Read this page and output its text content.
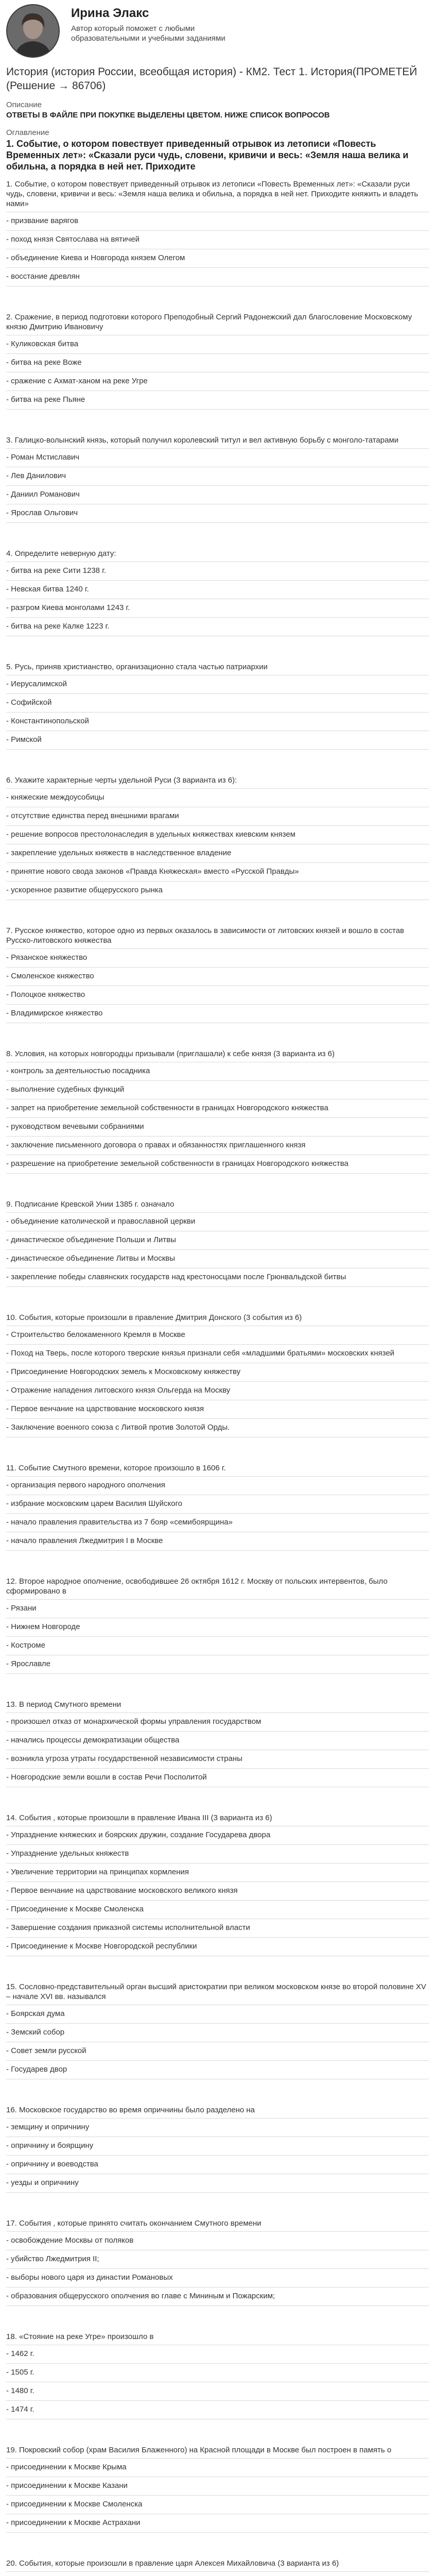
Ирина Элакс
Автор который поможет с любыми образовательными и учебными заданиями
История (история России, всеобщая история) - КМ2. Тест 1. История(ПРОМЕТЕЙ (Решение → 86706)
Описание
ОТВЕТЫ В ФАЙЛЕ ПРИ ПОКУПКЕ ВЫДЕЛЕНЫ ЦВЕТОМ. НИЖЕ СПИСОК ВОПРОСОВ
Оглавление
1. Событие, о котором повествует приведенный отрывок из летописи «Повесть Временных лет»: «Сказали руси чудь, словени, кривичи и весь: «Земля наша велика и обильна, а порядка в ней нет. Приходите
1. Событие, о котором повествует приведенный отрывок из летописи «Повесть Временных лет»: «Сказали руси чудь, словени, кривичи и весь: «Земля наша велика и обильна, а порядка в ней нет. Приходите княжить и владеть нами»
- призвание варягов
- поход князя Святослава на вятичей
- объединение Киева и Новгорода князем Олегом
- восстание древлян
2. Сражение, в период подготовки которого Преподобный Сергий Радонежский дал благословение Московскому князю Дмитрию Ивановичу
- Куликовская битва
- битва на реке Воже
- сражение с Ахмат-ханом на реке Угре
- битва на реке Пьяне
3. Галицко-волынский князь, который получил королевский титул и вел активную борьбу с монголо-татарами
- Роман Мстиславич
- Лев Данилович
- Даниил Романович
- Ярослав Ольгович
4. Определите неверную дату:
- битва на реке Сити 1238 г.
- Невская битва 1240 г.
- разгром Киева монголами 1243 г.
- битва на реке Калке 1223 г.
5. Русь, приняв христианство, организационно стала частью патриархии
- Иерусалимской
- Софийской
- Константинопольской
- Римской
6. Укажите характерные черты удельной Руси (3 варианта из 6):
- княжеские междоусобицы
- отсутствие единства перед внешними врагами
- решение вопросов престолонаследия в удельных княжествах киевским князем
- закрепление удельных княжеств в наследственное владение
- принятие нового свода законов «Правда Княжеская» вместо «Русской Правды»
- ускоренное развитие общерусского рынка
7. Русское княжество, которое одно из первых оказалось в зависимости от литовских князей и вошло в состав Русско-литовского княжества
- Рязанское княжество
- Смоленское княжество
- Полоцкое княжество
- Владимирское княжество
8. Условия, на которых новгородцы призывали (приглашали) к себе князя (3 варианта из 6)
- контроль за деятельностью посадника
- выполнение судебных функций
- запрет на приобретение земельной собственности в границах Новгородского княжества
- руководством вечевыми собраниями
- заключение письменного договора о правах и обязанностях приглашенного князя
- разрешение на приобретение земельной собственности в границах Новгородского княжества
9. Подписание Кревской Унии 1385 г. означало
- объединение католической и православной церкви
- династическое объединение Польши и Литвы
- династическое объединение Литвы и Москвы
- закрепление победы славянских государств над крестоносцами после Грюнвальдской битвы
10. События, которые произошли в правление Дмитрия Донского (3 события из 6)
- Строительство белокаменного Кремля в Москве
- Поход на Тверь, после которого тверские князья признали себя «младшими братьями» московских князей
- Присоединение Новгородских земель к Московскому княжеству
- Отражение нападения литовского князя Ольгерда на Москву
- Первое венчание на царствование московского князя
- Заключение военного союза с Литвой против Золотой Орды.
11. Событие Смутного времени, которое произошло в 1606 г.
- организация первого народного ополчения
- избрание московским царем Василия Шуйского
- начало правления правительства из 7 бояр «семибоярщина»
- начало правления Лжедмитрия I в Москве
12. Второе народное ополчение, освободившее 26 октября 1612 г. Москву от польских интервентов, было сформировано в
- Рязани
- Нижнем Новгороде
- Костроме
- Ярославле
13. В период Смутного времени
- произошел отказ от монархической формы управления государством
- начались процессы демократизации общества
- возникла угроза утраты государственной независимости страны
- Новгородские земли вошли в состав Речи Посполитой
14. События , которые произошли в правление Ивана III (3 варианта из 6)
- Упразднение княжеских и боярских дружин, создание Государева двора
- Упразднение удельных княжеств
- Увеличение территории на принципах кормления
- Первое венчание на царствование московского великого князя
- Присоединение к Москве Смоленска
- Завершение создания приказной системы исполнительной власти
- Присоединение к Москве Новгородской республики
15. Сословно-представительный орган высший аристократии при великом московском князе во второй половине XV – начале XVI вв. назывался
- Боярская дума
- Земский собор
- Совет земли русской
- Государев двор
16. Московское государство во время опричнины было разделено на
- земщину и опричнину
- опричнину и боярщину
- опричнину и воеводства
- уезды и опричнину
17. События , которые принято считать окончанием Смутного времени
- освобождение Москвы от поляков
- убийство Лжедмитрия II;
- выборы нового царя из династии Романовых
- образования общерусского ополчения во главе с Мининым и Пожарским;
18. «Стояние на реке Угре» произошло в
- 1462 г.
- 1505 г.
- 1480 г.
- 1474 г.
19. Покровский собор (храм Василия Блаженного) на Красной площади в Москве был построен в память о
- присоединении к Москве Крыма
- присоединении к Москве Казани
- присоединении к Москве Смоленска
- присоединении к Москве Астрахани
20. События, которые произошли в правление царя Алексея Михайловича (3 варианта из 6)
